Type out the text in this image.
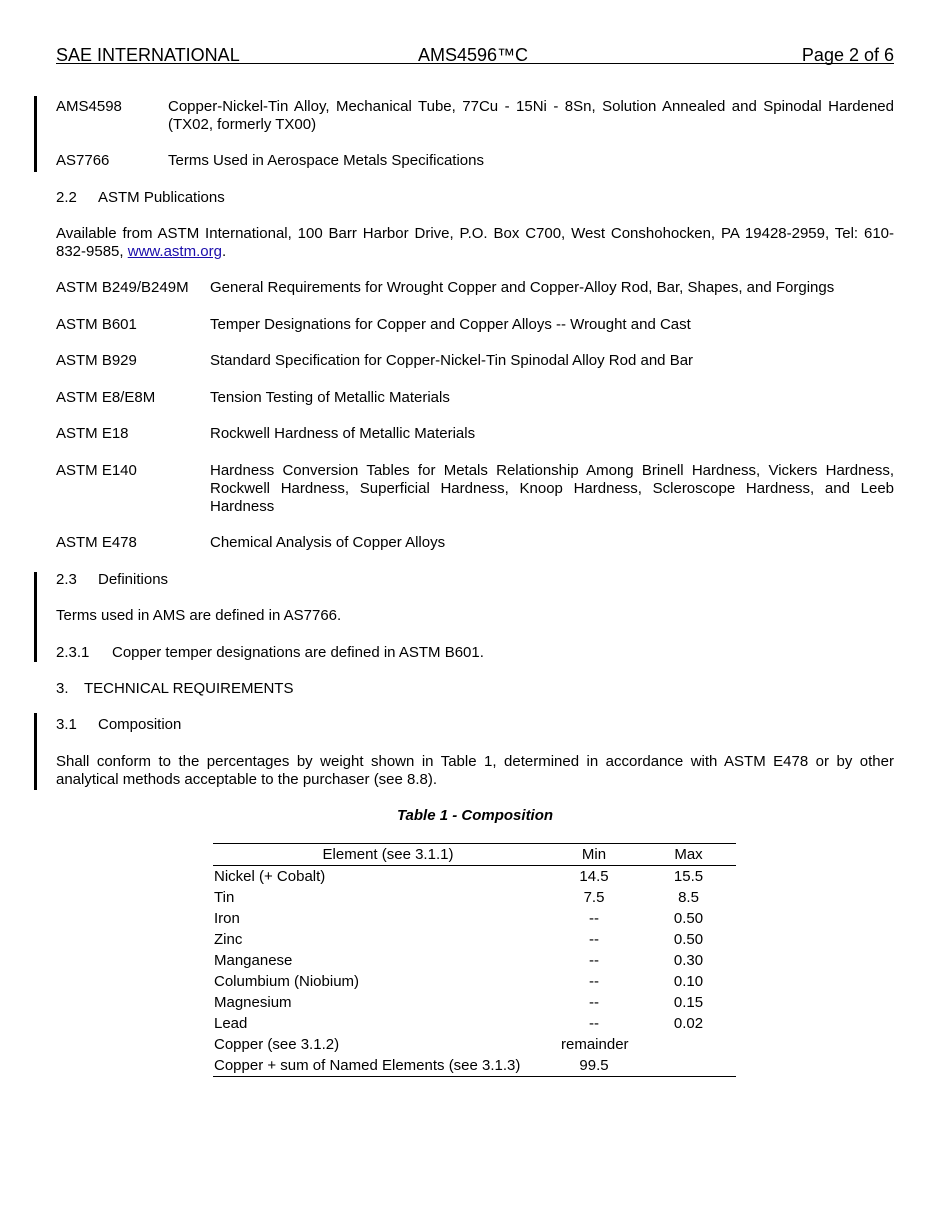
SAE INTERNATIONAL	AMS4596™C	Page 2 of 6
AMS4598	Copper-Nickel-Tin Alloy, Mechanical Tube, 77Cu - 15Ni - 8Sn, Solution Annealed and Spinodal Hardened (TX02, formerly TX00)
AS7766	Terms Used in Aerospace Metals Specifications
2.2 ASTM Publications
Available from ASTM International, 100 Barr Harbor Drive, P.O. Box C700, West Conshohocken, PA 19428-2959, Tel: 610-832-9585, www.astm.org.
ASTM B249/B249M General Requirements for Wrought Copper and Copper-Alloy Rod, Bar, Shapes, and Forgings
ASTM B601	Temper Designations for Copper and Copper Alloys -- Wrought and Cast
ASTM B929	Standard Specification for Copper-Nickel-Tin Spinodal Alloy Rod and Bar
ASTM E8/E8M	Tension Testing of Metallic Materials
ASTM E18	Rockwell Hardness of Metallic Materials
ASTM E140	Hardness Conversion Tables for Metals Relationship Among Brinell Hardness, Vickers Hardness, Rockwell Hardness, Superficial Hardness, Knoop Hardness, Scleroscope Hardness, and Leeb Hardness
ASTM E478	Chemical Analysis of Copper Alloys
2.3 Definitions
Terms used in AMS are defined in AS7766.
2.3.1 Copper temper designations are defined in ASTM B601.
3. TECHNICAL REQUIREMENTS
3.1 Composition
Shall conform to the percentages by weight shown in Table 1, determined in accordance with ASTM E478 or by other analytical methods acceptable to the purchaser (see 8.8).
Table 1 - Composition
Element (see 3.1.1)	Min	Max
Nickel (+ Cobalt)	14.5	15.5
Tin	7.5	8.5
Iron	--	0.50
Zinc	--	0.50
Manganese	--	0.30
Columbium (Niobium)	--	0.10
Magnesium	--	0.15
Lead	--	0.02
Copper (see 3.1.2)	remainder
Copper + sum of Named Elements (see 3.1.3)	99.5
